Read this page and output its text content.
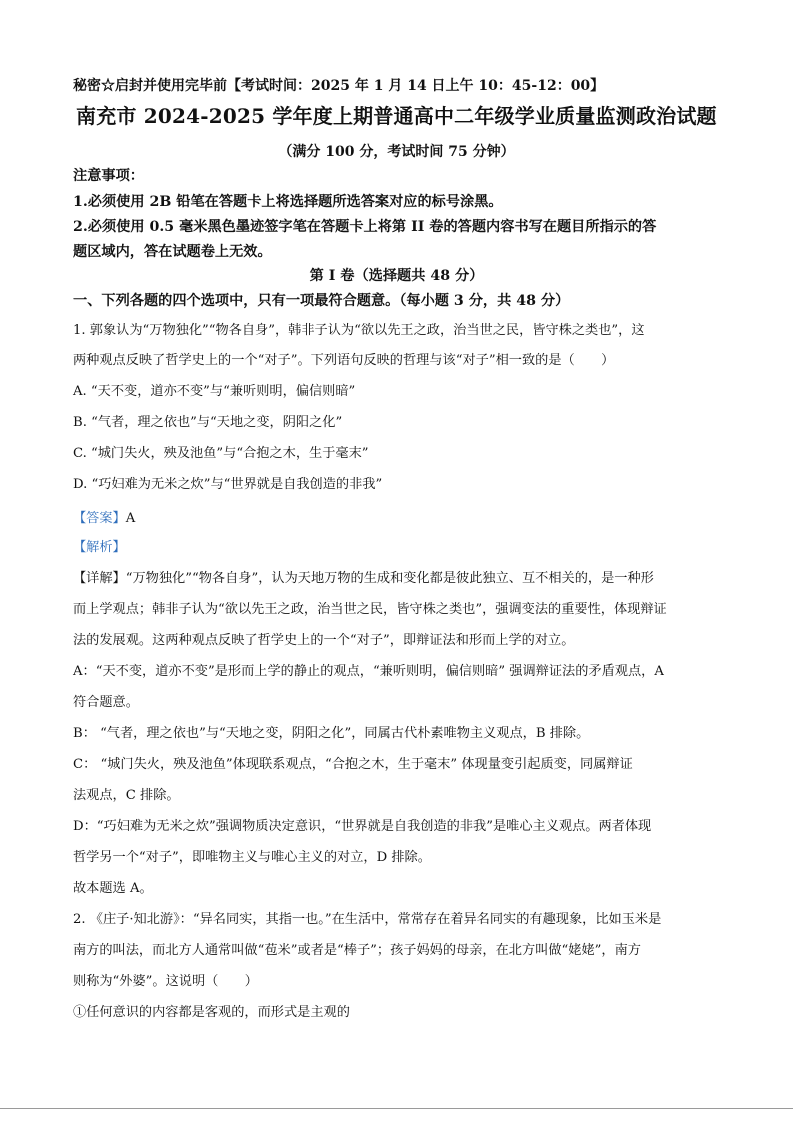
秘密☆启封并使用完毕前【考试时间：2025 年 1 月 14 日上午 10：45-12：00】
南充市 2024-2025 学年度上期普通高中二年级学业质量监测政治试题
（满分 100 分，考试时间 75 分钟）
注意事项：
1.必须使用 2B 铅笔在答题卡上将选择题所选答案对应的标号涂黑。
2.必须使用 0.5 毫米黑色墨迹签字笔在答题卡上将第 II 卷的答题内容书写在题目所指示的答
题区域内，答在试题卷上无效。
第 I 卷（选择题共 48 分）
一、下列各题的四个选项中，只有一项最符合题意。（每小题 3 分，共 48 分）
1. 郭象认为“万物独化”“物各自身”，韩非子认为“欲以先王之政，治当世之民，皆守株之类也”，这
两种观点反映了哲学史上的一个“对子”。下列语句反映的哲理与该“对子”相一致的是（　　）
A. “天不变，道亦不变”与“兼听则明，偏信则暗”
B. “气者，理之依也”与“天地之变，阴阳之化”
C. “城门失火，殃及池鱼”与“合抱之木，生于毫末”
D. “巧妇难为无米之炊”与“世界就是自我创造的非我”
【答案】A
【解析】
【详解】“万物独化”“物各自身”，认为天地万物的生成和变化都是彼此独立、互不相关的，是一种形
而上学观点；韩非子认为“欲以先王之政，治当世之民，皆守株之类也”，强调变法的重要性，体现辩证
法的发展观。这两种观点反映了哲学史上的一个“对子”，即辩证法和形而上学的对立。
A：“天不变，道亦不变”是形而上学的静止的观点，“兼听则明，偏信则暗” 强调辩证法的矛盾观点，A
符合题意。
B： “气者，理之依也”与“天地之变，阴阳之化”，同属古代朴素唯物主义观点，B 排除。
C： “城门失火，殃及池鱼”体现联系观点，“合抱之木，生于毫末” 体现量变引起质变，同属辩证
法观点，C 排除。
D：“巧妇难为无米之炊”强调物质决定意识，“世界就是自我创造的非我”是唯心主义观点。两者体现
哲学另一个“对子”，即唯物主义与唯心主义的对立，D 排除。
故本题选 A。
2. 《庄子·知北游》：“异名同实，其指一也。”在生活中，常常存在着异名同实的有趣现象，比如玉米是
南方的叫法，而北方人通常叫做“苞米”或者是“棒子”；孩子妈妈的母亲，在北方叫做“姥姥”，南方
则称为“外婆”。这说明（　　）
①任何意识的内容都是客观的，而形式是主观的
